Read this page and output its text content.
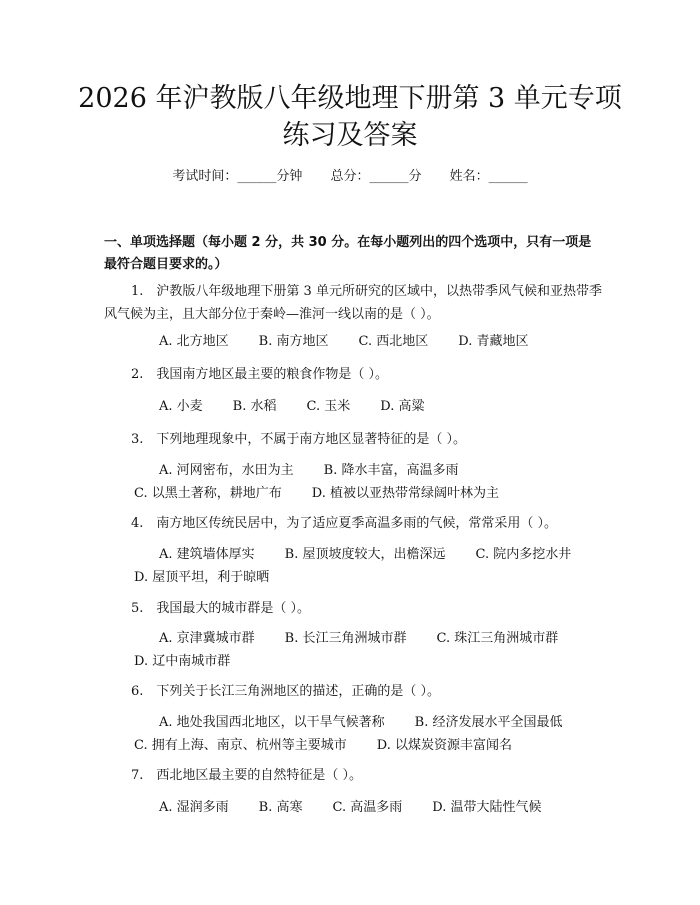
2026 年沪教版八年级地理下册第 3 单元专项
练习及答案
考试时间：______分钟 总分：______分 姓名：______
一、单项选择题（每小题 2 分，共 30 分。在每小题列出的四个选项中，只有一项是最符合题目要求的。）
1.　沪教版八年级地理下册第 3 单元所研究的区域中，以热带季风气候和亚热带季风气候为主，且大部分位于秦岭—淮河一线以南的是（ ）。
A. 北方地区 B. 南方地区 C. 西北地区 D. 青藏地区
2.　我国南方地区最主要的粮食作物是（ ）。
A. 小麦 B. 水稻 C. 玉米 D. 高粱
3.　下列地理现象中，不属于南方地区显著特征的是（ ）。
A. 河网密布，水田为主 B. 降水丰富，高温多雨C. 以黑土著称，耕地广布 D. 植被以亚热带常绿阔叶林为主
4.　南方地区传统民居中，为了适应夏季高温多雨的气候，常常采用（ ）。
A. 建筑墙体厚实 B. 屋顶坡度较大，出檐深远 C. 院内多挖水井D. 屋顶平坦，利于晾晒
5.　我国最大的城市群是（ ）。
A. 京津冀城市群 B. 长江三角洲城市群 C. 珠江三角洲城市群D. 辽中南城市群
6.　下列关于长江三角洲地区的描述，正确的是（ ）。
A. 地处我国西北地区，以干旱气候著称 B. 经济发展水平全国最低C. 拥有上海、南京、杭州等主要城市 D. 以煤炭资源丰富闻名
7.　西北地区最主要的自然特征是（ ）。
A. 湿润多雨 B. 高寒 C. 高温多雨 D. 温带大陆性气候
